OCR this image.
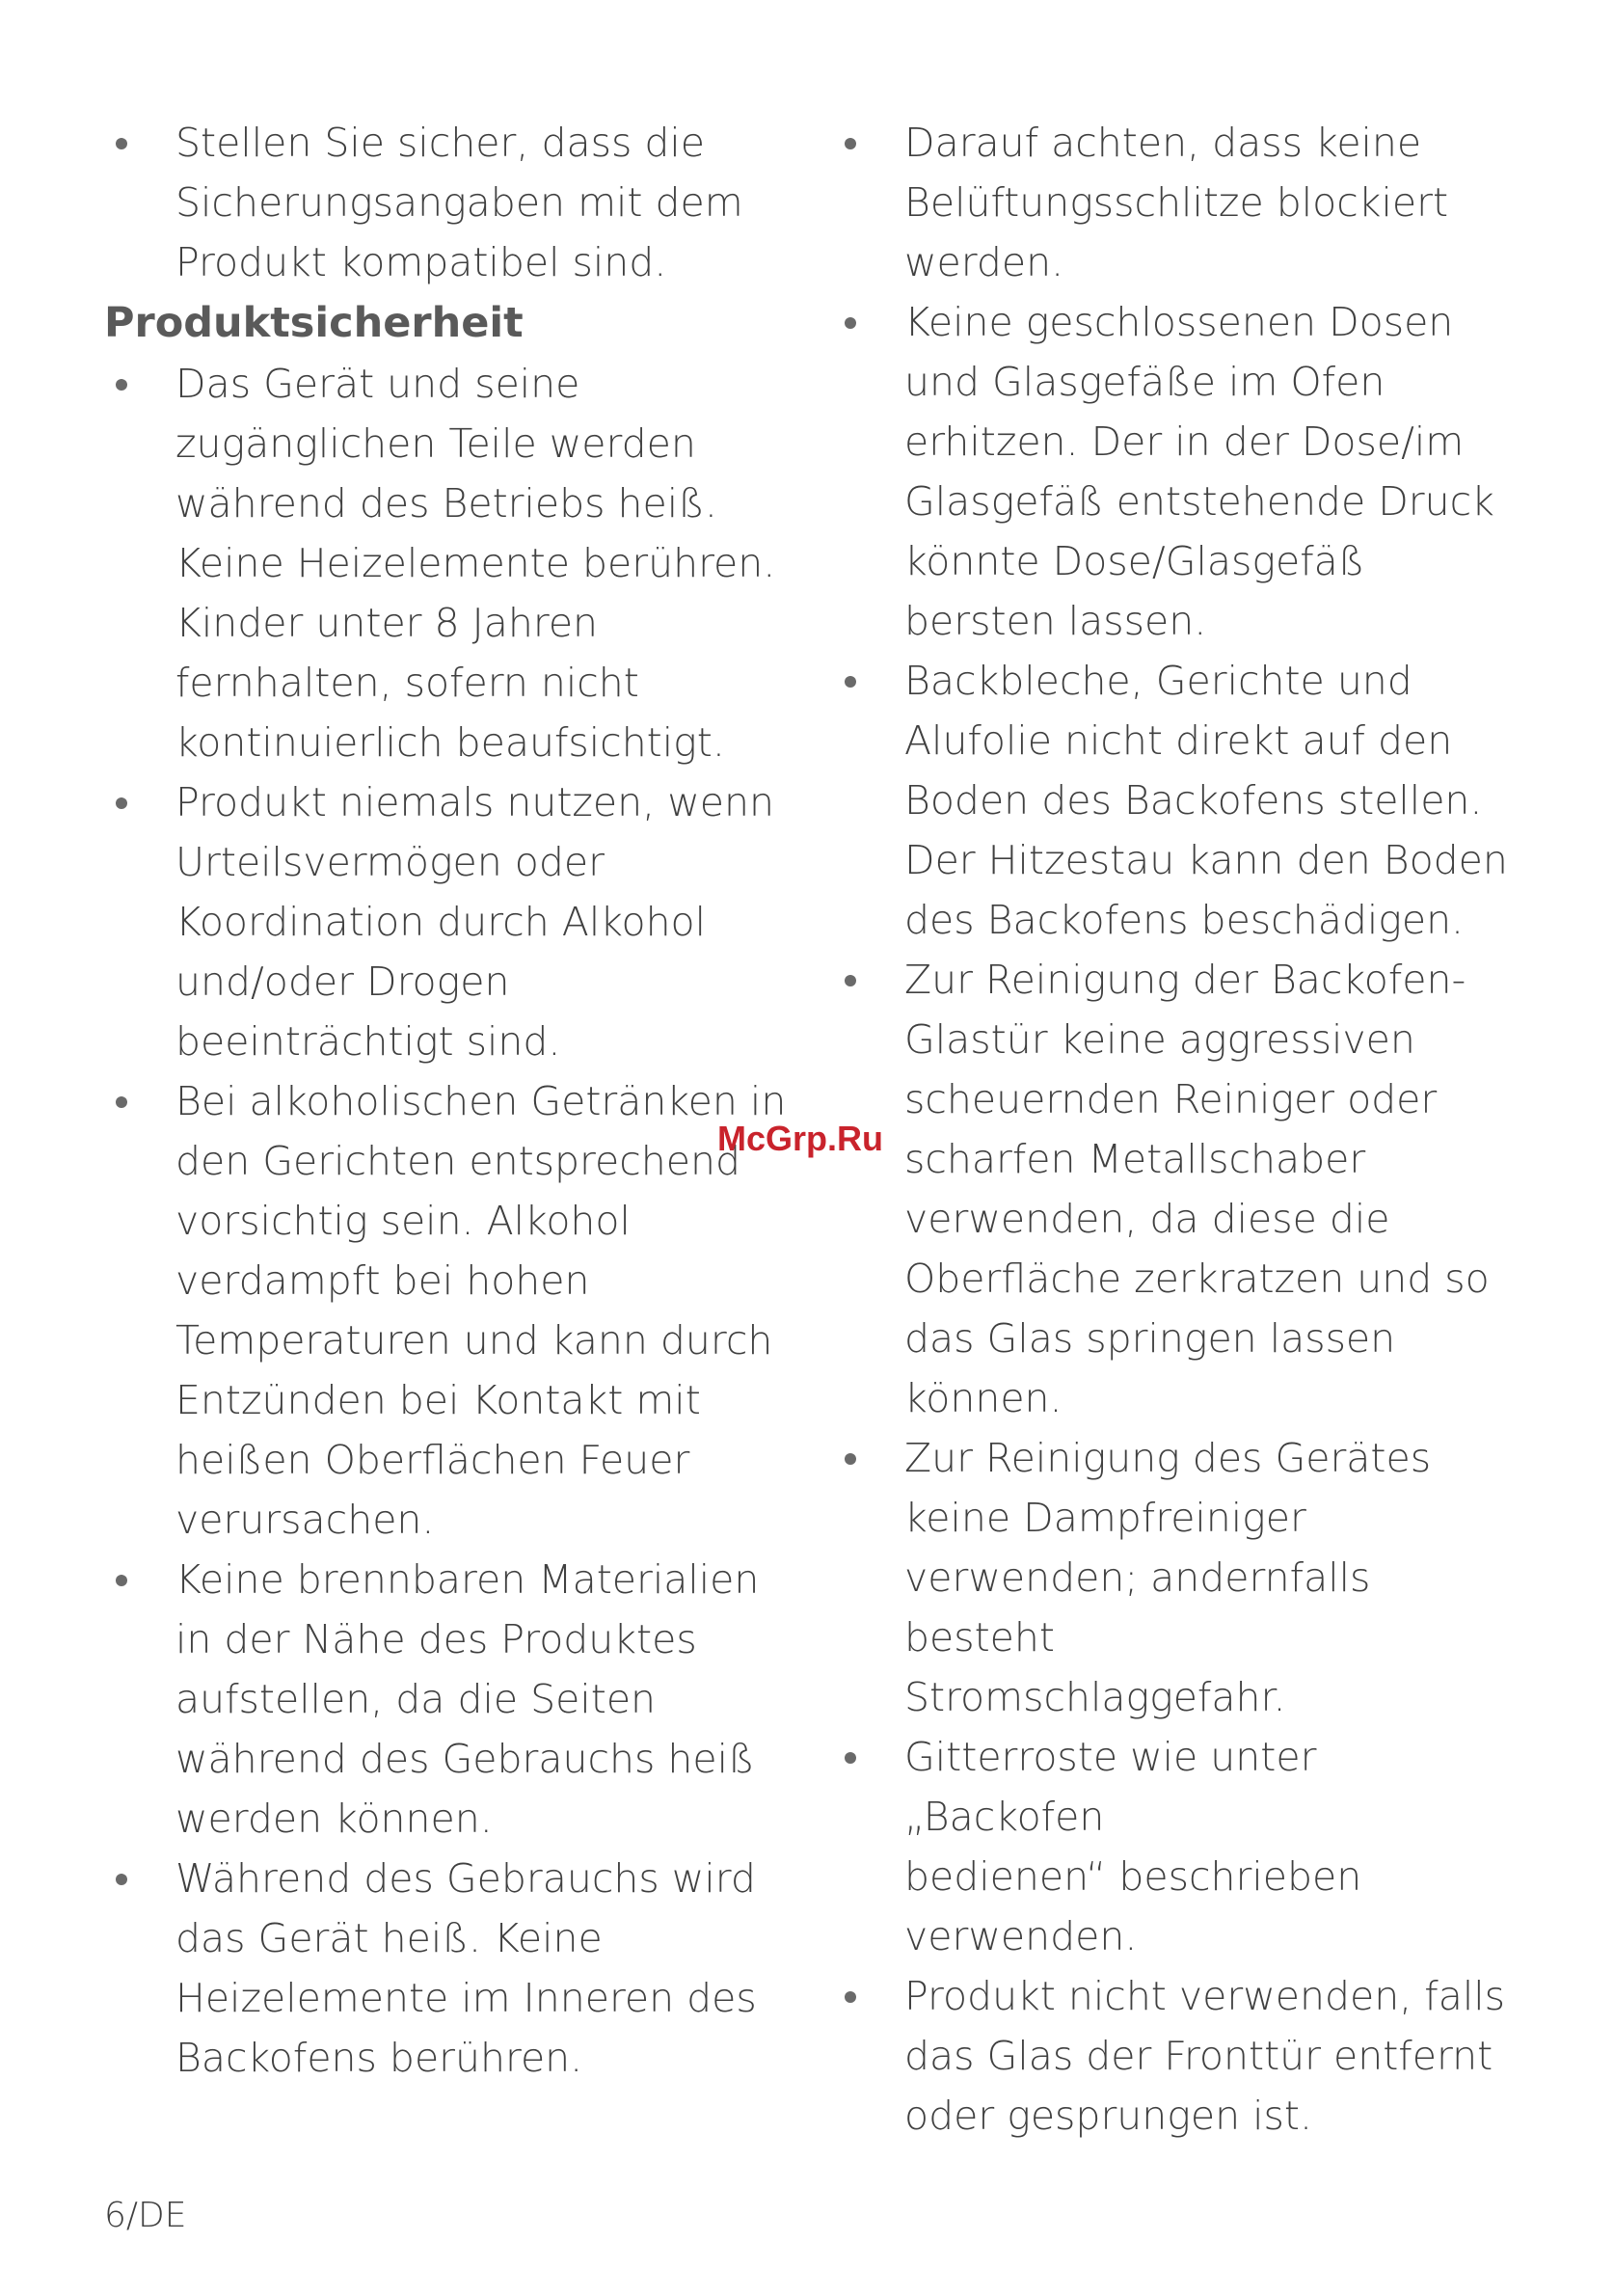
Stellen Sie sicher, dass die
Sicherungsangaben mit dem
Produkt kompatibel sind.
Produktsicherheit
Das Gerät und seine
zugänglichen Teile werden
während des Betriebs heiß.
Keine Heizelemente berühren.
Kinder unter 8 Jahren
fernhalten, sofern nicht
kontinuierlich beaufsichtigt.
Produkt niemals nutzen, wenn
Urteilsvermögen oder
Koordination durch Alkohol
und/oder Drogen
beeinträchtigt sind.
Bei alkoholischen Getränken in
den Gerichten entsprechend
vorsichtig sein. Alkohol
verdampft bei hohen
Temperaturen und kann durch
Entzünden bei Kontakt mit
heißen Oberflächen Feuer
verursachen.
Keine brennbaren Materialien
in der Nähe des Produktes
aufstellen, da die Seiten
während des Gebrauchs heiß
werden können.
Während des Gebrauchs wird
das Gerät heiß. Keine
Heizelemente im Inneren des
Backofens berühren.
Darauf achten, dass keine
Belüftungsschlitze blockiert
werden.
Keine geschlossenen Dosen
und Glasgefäße im Ofen
erhitzen. Der in der Dose/im
Glasgefäß entstehende Druck
könnte Dose/Glasgefäß
bersten lassen.
Backbleche, Gerichte und
Alufolie nicht direkt auf den
Boden des Backofens stellen.
Der Hitzestau kann den Boden
des Backofens beschädigen.
Zur Reinigung der Backofen-
Glastür keine aggressiven
scheuernden Reiniger oder
scharfen Metallschaber
verwenden, da diese die
Oberfläche zerkratzen und so
das Glas springen lassen
können.
Zur Reinigung des Gerätes
keine Dampfreiniger
verwenden; andernfalls besteht
Stromschlaggefahr.
Gitterroste wie unter
„Backofen
bedienen“ beschrieben
verwenden.
Produkt nicht verwenden, falls
das Glas der Fronttür entfernt
oder gesprungen ist.
McGrp.Ru
6/DE
